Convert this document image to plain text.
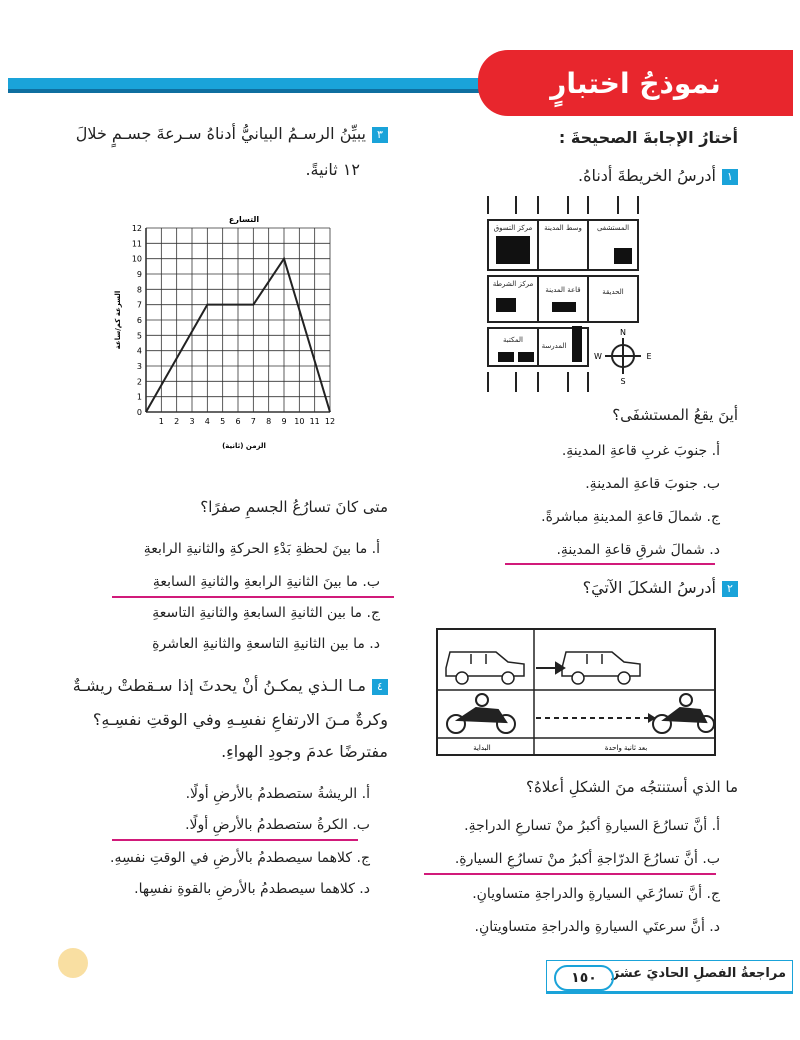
نموذجُ اختبارٍ
أختارُ الإجابةَ الصحيحةَ :
١أدرسُ الخريطةَ أدناهُ.
مركز التسوق وسط المدينة المستشفى
مركز الشرطة
قاعة المدينة	الحديقة
المكتبة
المدرسة
N
S
E
W
أينَ يقعُ المستشفَى؟
أ. جنوبَ غربِ قاعةِ المدينةِ.
ب. جنوبَ قاعةِ المدينةِ.
ج. شمالَ قاعةِ المدينةِ مباشرةً.
د. شمالَ شرقِ قاعةِ المدينةِ.
٢أدرسُ الشكلَ الآتيَ؟
البداية	بعد ثانية واحدة
ما الذي أستنتجُه منَ الشكلِ أعلاهُ؟
أ. أنَّ تسارُعَ السيارةِ أكبرُ منْ تسارعِ الدراجةِ.
ب. أنَّ تسارُعَ الدرّاجةِ أكبرُ منْ تسارُعِ السيارةِ.
ج. أنَّ تسارُعَي السيارةِ والدراجةِ متساويانِ.
د. أنَّ سرعتَي السيارةِ والدراجةِ متساويتانِ.
٣يبيِّنُ الرسـمُ البيانيُّ أدناهُ سـرعةَ جسـمٍ خلالَ
١٢ ثانيةً.
التسارع
1 2 3 4 5 6 7 8 9 10 11 12
0
1
2
3
4
5
6
7
8
9
10
11
12
الزمن (ثانية)
السرعة كم/ساعة
متى كانَ تسارُعُ الجسمِ صفرًا؟
أ. ما بينَ لحظةِ بَدْءِ الحركةِ والثانيةِ الرابعةِ
ب. ما بينَ الثانيةِ الرابعةِ والثانيةِ السابعةِ
ج. ما بين الثانيةِ السابعةِ والثانيةِ التاسعةِ
د. ما بين الثانيةِ التاسعةِ والثانيةِ العاشرةِ
٤مـا الـذي يمكـنُ أنْ يحدثَ إذا سـقطتْ ريشـةٌ
وكرةٌ مـنَ الارتفاعِ نفسِـهِ وفي الوقتِ نفسِـهِ؟
مفترضًا عدمَ وجودِ الهواءِ.
أ. الريشةُ ستصطدمُ بالأرضِ أولًا.
ب. الكرةُ ستصطدمُ بالأرضِ أولًا.
ج. كلاهما سيصطدمُ بالأرضِ في الوقتِ نفسِهِ.
د. كلاهما سيصطدمُ بالأرضِ بالقوةِ نفسِها.
مراجعةُ الفصلِ الحاديَ عشرَ
١٥٠
